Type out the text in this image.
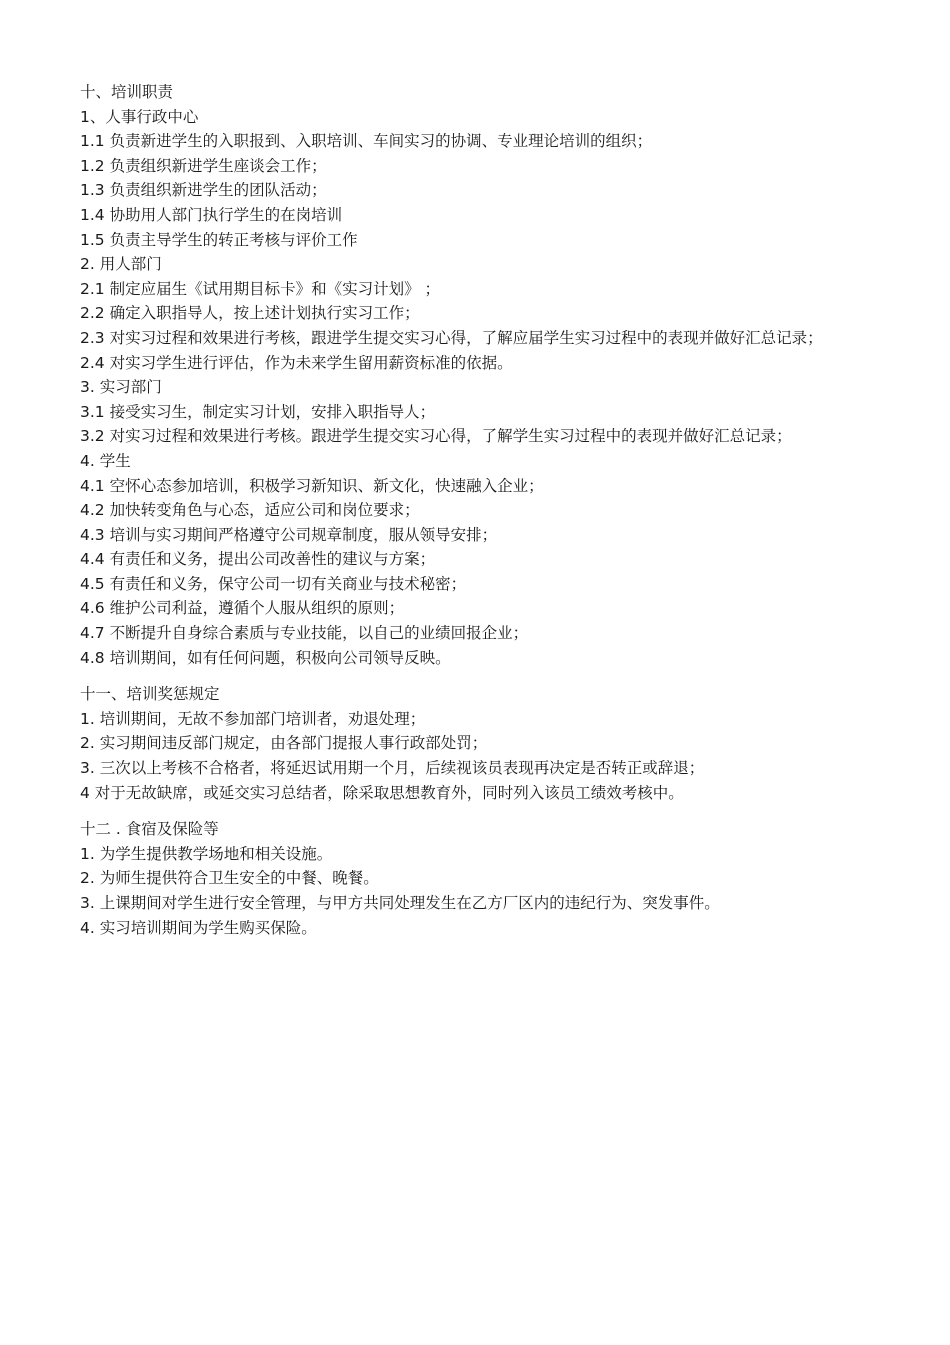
十、培训职责

1、人事行政中心

1.1 负责新进学生的入职报到、入职培训、车间实习的协调、专业理论培训的组织；

1.2 负责组织新进学生座谈会工作；

1.3 负责组织新进学生的团队活动；

1.4 协助用人部门执行学生的在岗培训

1.5 负责主导学生的转正考核与评价工作

2. 用人部门

2.1 制定应届生《试用期目标卡》和《实习计划》 ；

2.2 确定入职指导人，按上述计划执行实习工作；

2.3 对实习过程和效果进行考核，跟进学生提交实习心得，了解应届学生实习过程中的表现并做好汇总记录；

2.4 对实习学生进行评估，作为未来学生留用薪资标准的依据。

3. 实习部门

3.1 接受实习生，制定实习计划，安排入职指导人；

3.2 对实习过程和效果进行考核。跟进学生提交实习心得，了解学生实习过程中的表现并做好汇总记录；

4. 学生

4.1 空怀心态参加培训，积极学习新知识、新文化，快速融入企业；

4.2 加快转变角色与心态，适应公司和岗位要求；

4.3 培训与实习期间严格遵守公司规章制度，服从领导安排；

4.4 有责任和义务，提出公司改善性的建议与方案；

4.5 有责任和义务，保守公司一切有关商业与技术秘密；

4.6 维护公司利益，遵循个人服从组织的原则；

4.7 不断提升自身综合素质与专业技能，以自己的业绩回报企业；

4.8 培训期间，如有任何问题，积极向公司领导反映。

十一、培训奖惩规定

1. 培训期间，无故不参加部门培训者，劝退处理；

2. 实习期间违反部门规定，由各部门提报人事行政部处罚；

3. 三次以上考核不合格者，将延迟试用期一个月，后续视该员表现再决定是否转正或辞退；

4 对于无故缺席，或延交实习总结者，除采取思想教育外，同时列入该员工绩效考核中。

十二 . 食宿及保险等

1. 为学生提供教学场地和相关设施。

2. 为师生提供符合卫生安全的中餐、晚餐。

3. 上课期间对学生进行安全管理，与甲方共同处理发生在乙方厂区内的违纪行为、突发事件。

4. 实习培训期间为学生购买保险。
